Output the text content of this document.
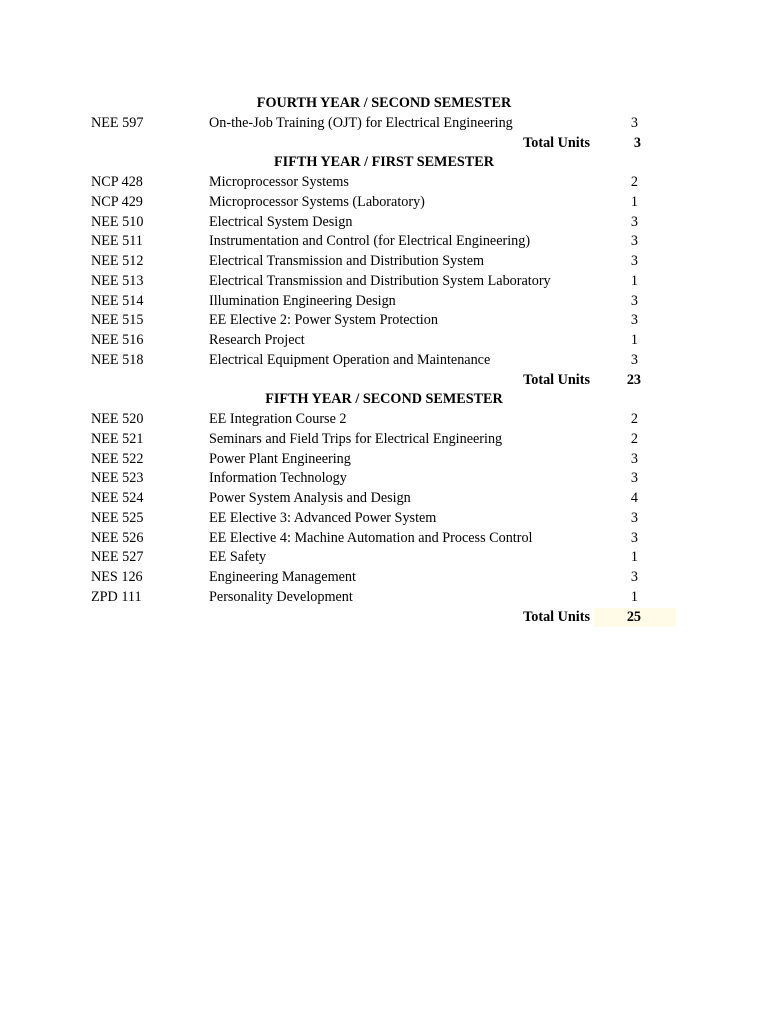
FOURTH YEAR / SECOND SEMESTER
NEE 597	On-the-Job Training (OJT) for Electrical Engineering	3
Total Units	3
FIFTH YEAR / FIRST SEMESTER
NCP 428	Microprocessor Systems	2
NCP 429	Microprocessor Systems (Laboratory)	1
NEE 510	Electrical System Design	3
NEE 511	Instrumentation and Control (for Electrical Engineering)	3
NEE 512	Electrical Transmission and Distribution System	3
NEE 513	Electrical Transmission and Distribution System Laboratory	1
NEE 514	Illumination Engineering Design	3
NEE 515	EE Elective 2: Power System Protection	3
NEE 516	Research Project	1
NEE 518	Electrical Equipment Operation and Maintenance	3
Total Units	23
FIFTH YEAR / SECOND SEMESTER
NEE 520	EE Integration Course 2	2
NEE 521	Seminars and Field Trips for Electrical Engineering	2
NEE 522	Power Plant Engineering	3
NEE 523	Information Technology	3
NEE 524	Power System Analysis and Design	4
NEE 525	EE Elective 3: Advanced Power System	3
NEE 526	EE Elective 4: Machine Automation and Process Control	3
NEE 527	EE Safety	1
NES 126	Engineering Management	3
ZPD 111	Personality Development	1
Total Units	25
